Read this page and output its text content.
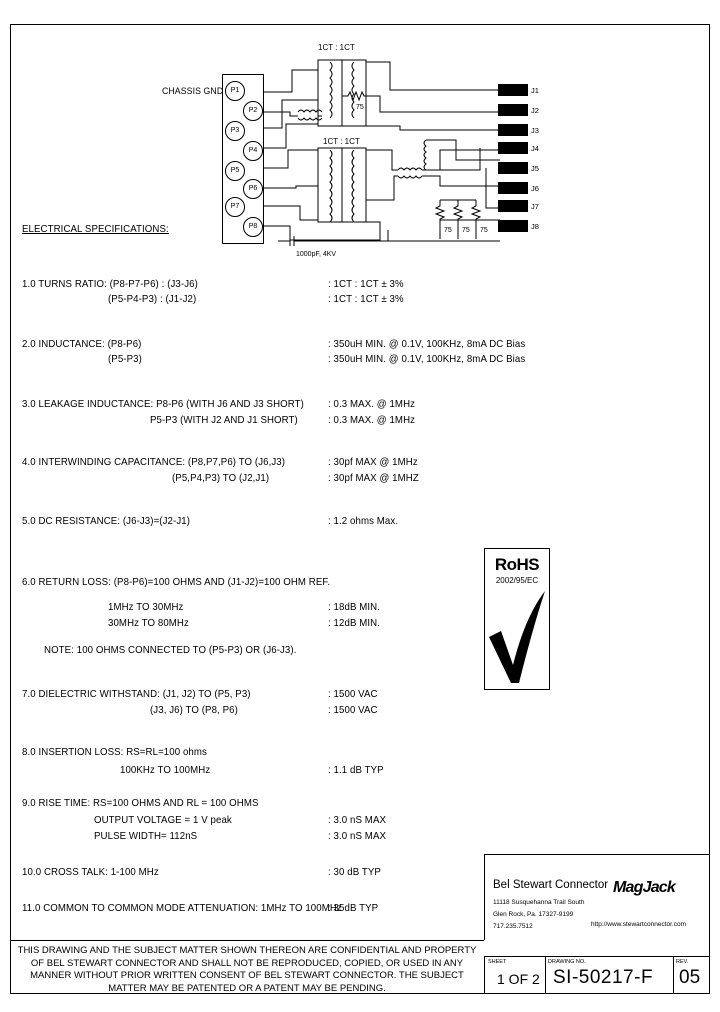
CHASSIS GND	P1
P2
P3
P4
P5
P6
P7
P8
1CT : 1CT
1CT : 1CT
75
75 75 75
1000pF, 4KV
J1
J2
J3
J4
J5
J6
J7
J8
ELECTRICAL SPECIFICATIONS:
1.0 TURNS RATIO: (P8-P7-P6) : (J3-J6)	: 1CT : 1CT ± 3%
(P5-P4-P3) : (J1-J2)	: 1CT : 1CT ± 3%
2.0 INDUCTANCE: (P8-P6)	: 350uH MIN. @ 0.1V, 100KHz, 8mA DC Bias
(P5-P3)	: 350uH MIN. @ 0.1V, 100KHz, 8mA DC Bias
3.0 LEAKAGE INDUCTANCE: P8-P6 (WITH J6 AND J3 SHORT) : 0.3 MAX. @ 1MHz
P5-P3 (WITH J2 AND J1 SHORT)	: 0.3 MAX. @ 1MHz
4.0 INTERWINDING CAPACITANCE: (P8,P7,P6) TO (J6,J3)	: 30pf MAX @ 1MHz
(P5,P4,P3) TO (J2,J1)	: 30pf MAX @ 1MHZ
5.0 DC RESISTANCE: (J6-J3)=(J2-J1)	: 1.2 ohms Max.
6.0 RETURN LOSS: (P8-P6)=100 OHMS AND (J1-J2)=100 OHM REF.
1MHz TO 30MHz	: 18dB MIN.
30MHz TO 80MHz	: 12dB MIN.
NOTE: 100 OHMS CONNECTED TO (P5-P3) OR (J6-J3).
7.0 DIELECTRIC WITHSTAND: (J1, J2) TO (P5, P3)	: 1500 VAC
(J3, J6) TO (P8, P6)	: 1500 VAC
8.0 INSERTION LOSS: RS=RL=100 ohms
100KHz TO 100MHz	: 1.1 dB TYP
9.0 RISE TIME: RS=100 OHMS AND RL = 100 OHMS
OUTPUT VOLTAGE = 1 V peak	: 3.0 nS MAX
PULSE WIDTH= 112nS	: 3.0 nS MAX
10.0 CROSS TALK: 1-100 MHz	: 30 dB TYP
11.0 COMMON TO COMMON MODE ATTENUATION: 1MHz TO 100MHz
: 35dB TYP
RoHS
2002/95/EC
Bel Stewart Connector
11118 Susquehanna Trail South
Glen Rock, Pa. 17327-9199
717.235.7512
MagJack
http://www.stewartconnector.com
THIS DRAWING AND THE SUBJECT MATTER SHOWN THEREON ARE CONFIDENTIAL AND PROPERTY OF BEL STEWART CONNECTOR AND SHALL NOT BE REPRODUCED, COPIED, OR USED IN ANY MANNER WITHOUT PRIOR WRITTEN CONSENT OF BEL STEWART CONNECTOR. THE SUBJECT MATTER MAY BE PATENTED OR A PATENT MAY BE PENDING.
SHEET
1 OF 2
DRAWING NO.
SI-50217-F
REV.
05
